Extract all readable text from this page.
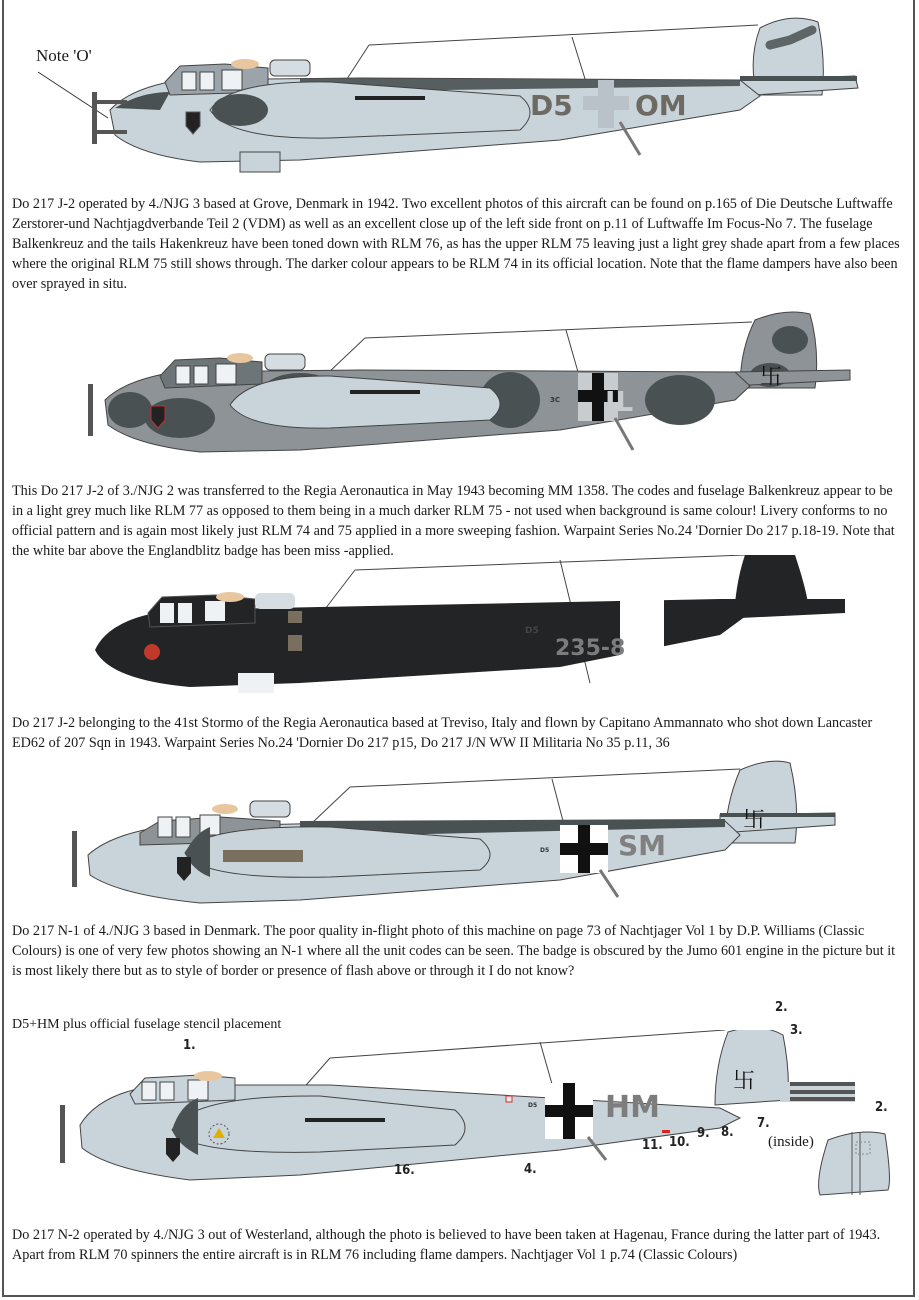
D5 OM
Note 'O'
Do 217 J-2 operated by 4./NJG 3 based at Grove, Denmark in 1942. Two excellent photos of this aircraft can be found on p.165 of Die Deutsche Luftwaffe Zerstorer-und Nachtjagdverbande Teil 2 (VDM) as well as an excellent close up of the left side front on p.11 of Luftwaffe Im Focus-No 7. The fuselage Balkenkreuz and the tails Hakenkreuz have been toned down with RLM 76, as has the upper RLM 75 leaving just a light grey shade apart from a few places where the original RLM 75 still shows through. The darker colour appears to be RLM 74 in its official location. Note that the flame dampers have also been over sprayed in situ.
IL
3C
卐
This Do 217 J-2 of 3./NJG 2 was transferred to the Regia Aeronautica in May 1943 becoming MM 1358. The codes and fuselage Balkenkreuz appear to be in a light grey much like RLM 77 as opposed to them being in a much darker RLM 75 - not used when background is same colour! Livery conforms to no official pattern and is again most likely just RLM 74 and 75 applied in a more sweeping fashion. Warpaint Series No.24 'Dornier Do 217 p.18-19. Note that the white bar above the Englandblitz badge has been miss -applied.
235-8
D5
Do 217 J-2 belonging to the 41st Stormo of the Regia Aeronautica based at Treviso, Italy and flown by Capitano Ammannato who shot down Lancaster ED62 of 207 Sqn in 1943. Warpaint Series No.24 'Dornier Do 217 p15, Do 217 J/N WW II Militaria No 35 p.11, 36
SM
D5
卐
Do 217 N-1 of 4./NJG 3 based in Denmark. The poor quality in-flight photo of this machine on page 73 of Nachtjager Vol 1 by D.P. Williams (Classic Colours) is one of very few photos showing an N-1 where all the unit codes can be seen. The badge is obscured by the Jumo 601 engine in the picture but it is most likely there but as to style of border or presence of flash above or through it I do not know?
D5+HM plus official fuselage stencil placement
HM
D5
卐
1.
2.
3.
4.
7.
8.
9.
10.
11.
16.
2.
(inside)
Do 217 N-2 operated by 4./NJG 3 out of Westerland, although the photo is believed to have been taken at Hagenau, France during the latter part of 1943. Apart from RLM 70 spinners the entire aircraft is in RLM 76 including flame dampers. Nachtjager Vol 1 p.74 (Classic Colours)
